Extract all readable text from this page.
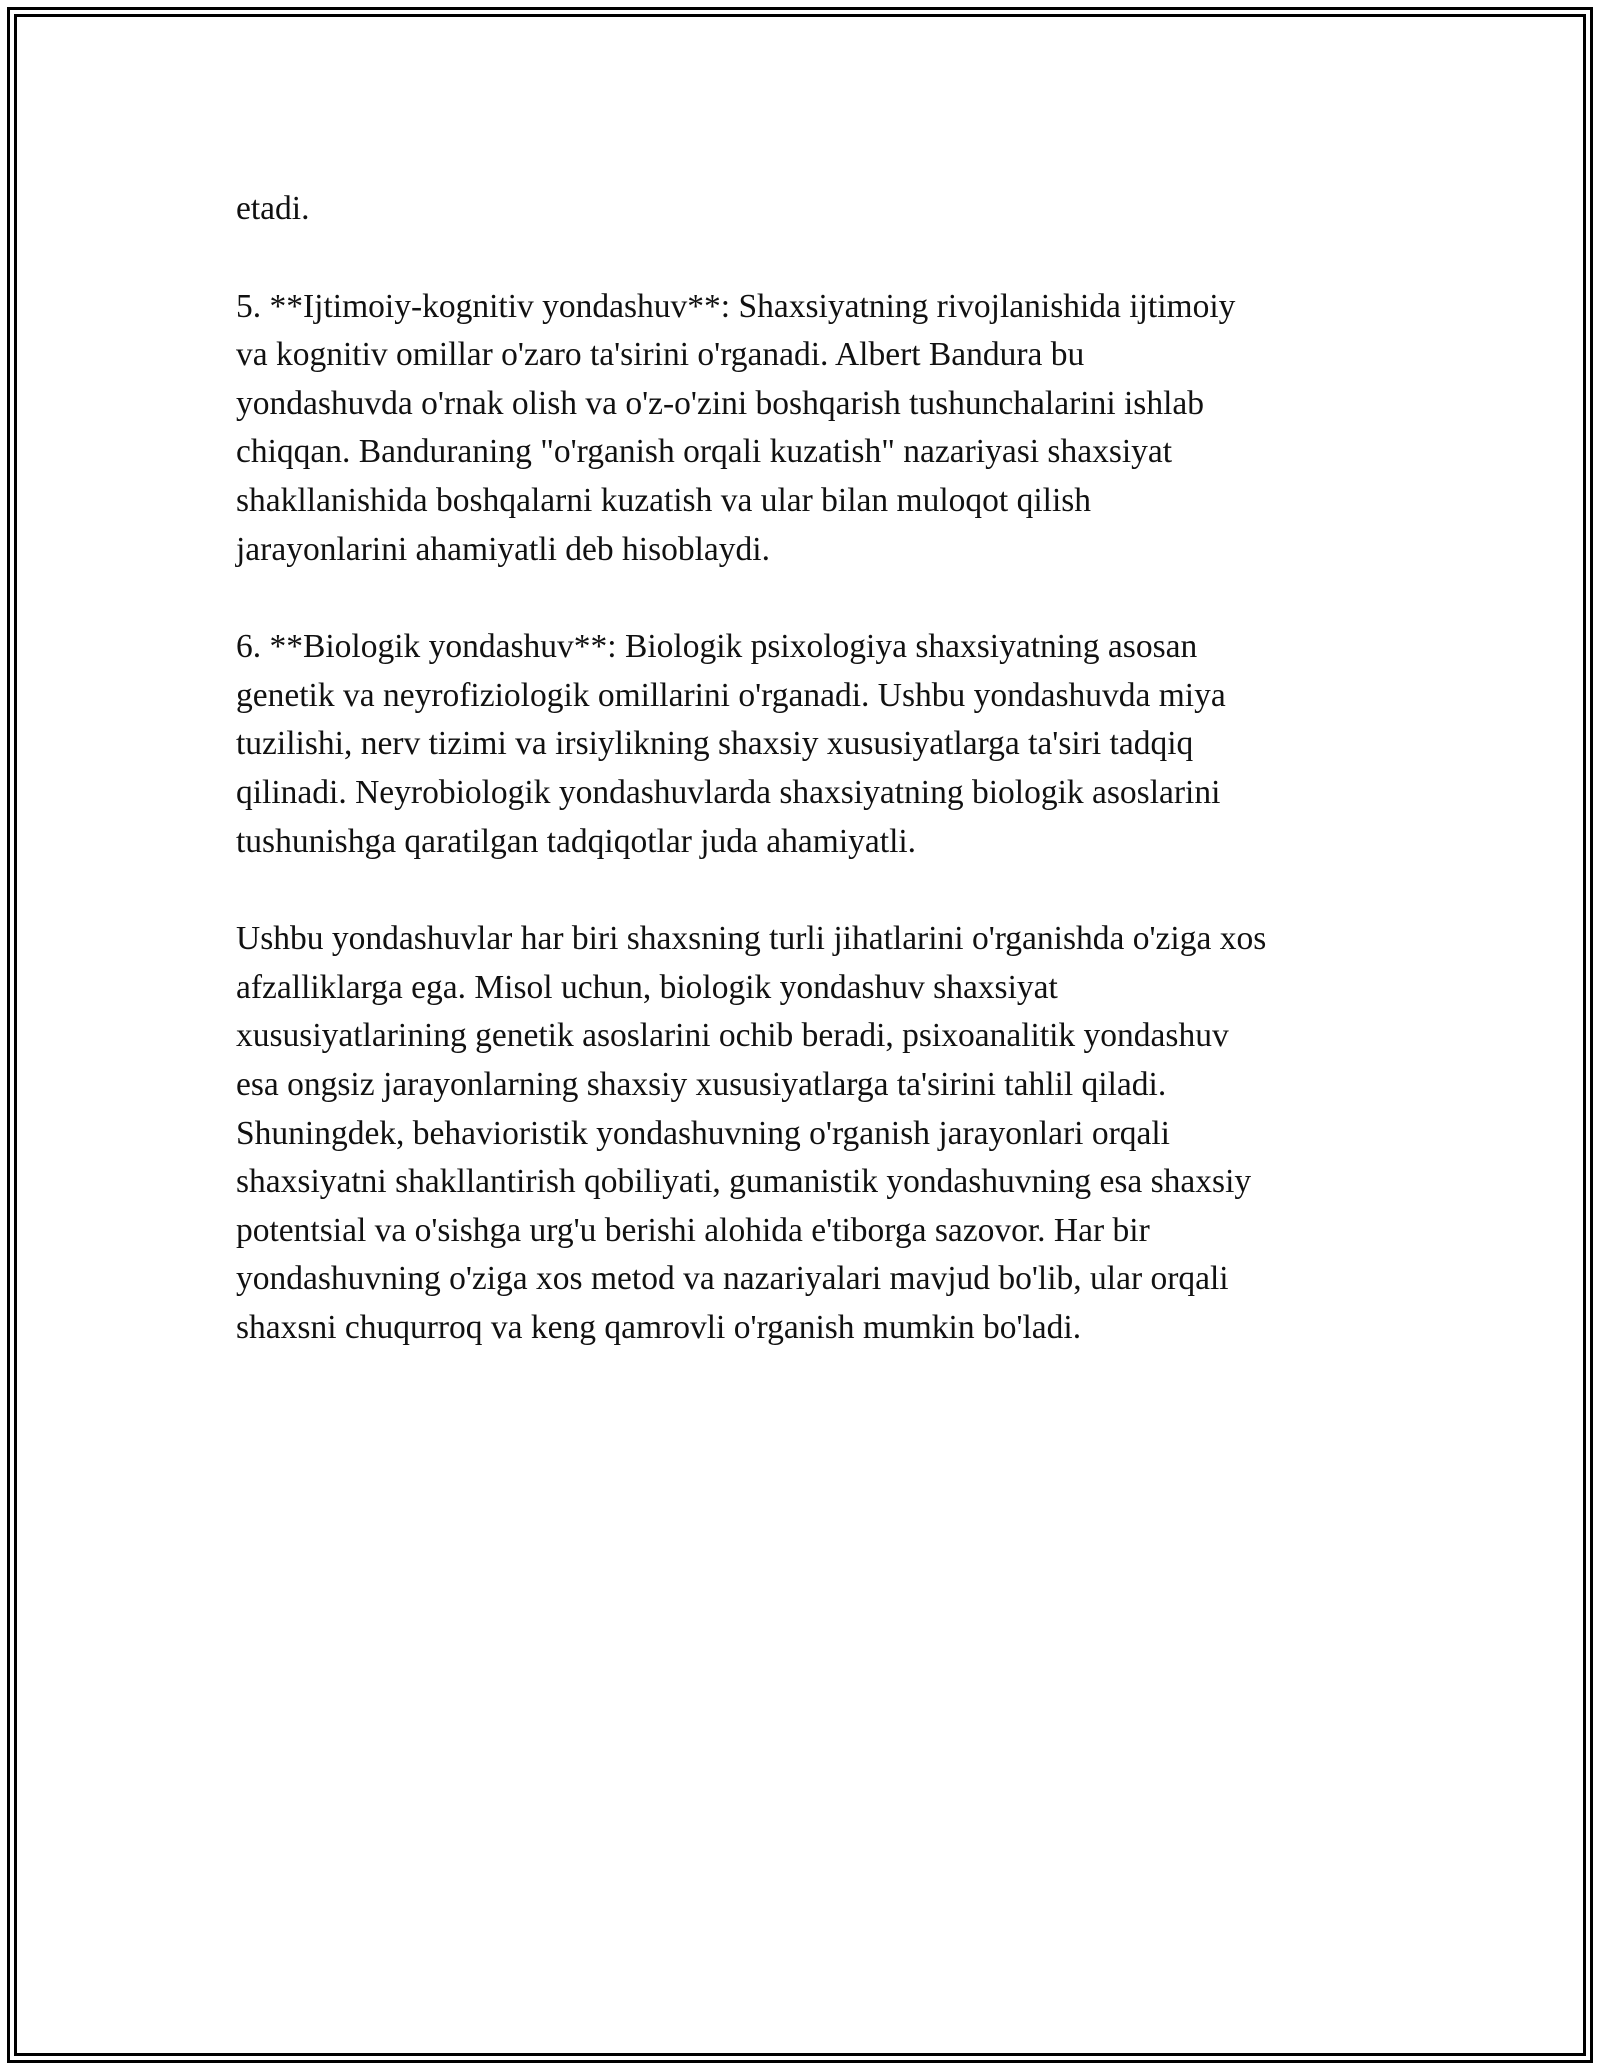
etadi.

5. **Ijtimoiy-kognitiv yondashuv**: Shaxsiyatning rivojlanishida ijtimoiy
va kognitiv omillar o'zaro ta'sirini o'rganadi. Albert Bandura bu
yondashuvda o'rnak olish va o'z-o'zini boshqarish tushunchalarini ishlab
chiqqan. Banduraning "o'rganish orqali kuzatish" nazariyasi shaxsiyat
shakllanishida boshqalarni kuzatish va ular bilan muloqot qilish
jarayonlarini ahamiyatli deb hisoblaydi.

6. **Biologik yondashuv**: Biologik psixologiya shaxsiyatning asosan
genetik va neyrofiziologik omillarini o'rganadi. Ushbu yondashuvda miya
tuzilishi, nerv tizimi va irsiylikning shaxsiy xususiyatlarga ta'siri tadqiq
qilinadi. Neyrobiologik yondashuvlarda shaxsiyatning biologik asoslarini
tushunishga qaratilgan tadqiqotlar juda ahamiyatli.

Ushbu yondashuvlar har biri shaxsning turli jihatlarini o'rganishda o'ziga xos
afzalliklarga ega. Misol uchun, biologik yondashuv shaxsiyat
xususiyatlarining genetik asoslarini ochib beradi, psixoanalitik yondashuv
esa ongsiz jarayonlarning shaxsiy xususiyatlarga ta'sirini tahlil qiladi.
Shuningdek, behavioristik yondashuvning o'rganish jarayonlari orqali
shaxsiyatni shakllantirish qobiliyati, gumanistik yondashuvning esa shaxsiy
potentsial va o'sishga urg'u berishi alohida e'tiborga sazovor. Har bir
yondashuvning o'ziga xos metod va nazariyalari mavjud bo'lib, ular orqali
shaxsni chuqurroq va keng qamrovli o'rganish mumkin bo'ladi.
